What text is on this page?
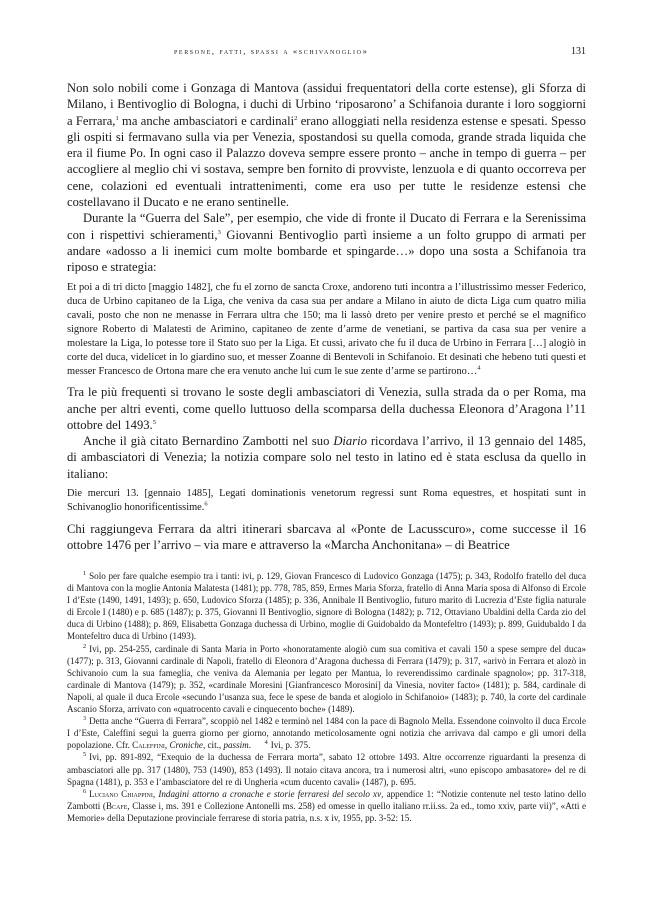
persone, fatti, spassi a «schivanoglio»	131

Non solo nobili come i Gonzaga di Mantova (assidui frequentatori della corte estense), gli Sforza di Milano, i Bentivoglio di Bologna, i duchi di Urbino ‘riposarono’ a Schifanoia durante i loro soggiorni a Ferrara,$^1$ ma anche ambasciatori e cardinali$^2$ erano alloggiati nella residenza estense e spesati. Spesso gli ospiti si fermavano sulla via per Venezia, spostandosi su quella comoda, grande strada liquida che era il fiume Po. In ogni caso il Palazzo doveva sempre essere pronto – anche in tempo di guerra – per accogliere al meglio chi vi sostava, sempre ben fornito di provviste, lenzuola e di quanto occorreva per cene, colazioni ed eventuali intrattenimenti, come era uso per tutte le residenze estensi che costellavano il Ducato e ne erano sentinelle.

Durante la “Guerra del Sale”, per esempio, che vide di fronte il Ducato di Ferrara e la Serenissima con i rispettivi schieramenti,$^3$ Giovanni Bentivoglio partì insieme a un folto gruppo di armati per andare «adosso a li inemici cum molte bombarde et spingarde…» dopo una sosta a Schifanoia tra riposo e strategia:

Et poi a dì tri dicto [maggio 1482], che fu el zorno de sancta Croxe, andoreno tuti incontra a l’illustrissimo messer Federico, duca de Urbino capitaneo de la Liga, che veniva da casa sua per andare a Milano in aiuto de dicta Liga cum quatro milia cavali, posto che non ne menasse in Ferrara ultra che 150; ma li lassò dreto per venire presto et perché se el magnifico signore Roberto di Malatesti de Arimino, capitaneo de zente d’arme de venetiani, se partiva da casa sua per venire a molestare la Liga, lo potesse tore il Stato suo per la Liga. Et cussì, arivato che fu il duca de Urbino in Ferrara […] alogiò in corte del duca, videlicet in lo giardino suo, et messer Zoanne di Bentevoli in Schifanoio. Et desinati che hebeno tuti questi et messer Francesco de Ortona mare che era venuto anche lui cum le sue zente d’arme se partirono…$^4$

Tra le più frequenti si trovano le soste degli ambasciatori di Venezia, sulla strada da o per Roma, ma anche per altri eventi, come quello luttuoso della scomparsa della duchessa Eleonora d’Aragona l’11 ottobre del 1493.$^5$

Anche il già citato Bernardino Zambotti nel suo Diario ricordava l’arrivo, il 13 gennaio del 1485, di ambasciatori di Venezia; la notizia compare solo nel testo in latino ed è stata esclusa da quello in italiano:

Die mercuri 13. [gennaio 1485], Legati dominationis venetorum regressi sunt Roma equestres, et hospitati sunt in Schivanoglio honorificentissime.$^6$

Chi raggiungeva Ferrara da altri itinerari sbarcava al «Ponte de Lacusscuro», come successe il 16 ottobre 1476 per l’arrivo – via mare e attraverso la «Marcha Anchonitana» – di Beatrice

$^1$ Solo per fare qualche esempio tra i tanti: ivi, p. 129, Giovan Francesco di Ludovico Gonzaga (1475); p. 343, Rodolfo fratello del duca di Mantova con la moglie Antonia Malatesta (1481); pp. 778, 785, 859, Ermes Maria Sforza, fratello di Anna Maria sposa di Alfonso di Ercole I d’Este (1490, 1491, 1493); p. 650, Ludovico Sforza (1485); p. 336, Annibale II Bentivoglio, futuro marito di Lucrezia d’Este figlia naturale di Ercole I (1480) e p. 685 (1487); p. 375, Giovanni II Bentivoglio, signore di Bologna (1482); p. 712, Ottaviano Ubaldini della Carda zio del duca di Urbino (1488); p. 869, Elisabetta Gonzaga duchessa di Urbino, moglie di Guidobaldo da Montefeltro (1493); p. 899, Guidubaldo I da Montefeltro duca di Urbino (1493).

$^2$ Ivi, pp. 254-255, cardinale di Santa Maria in Porto «honoratamente alogiò cum sua comitiva et cavali 150 a spese sempre del duca» (1477); p. 313, Giovanni cardinale di Napoli, fratello di Eleonora d’Aragona duchessa di Ferrara (1479); p. 317, «arivò in Ferrara et alozò in Schivanoio cum la sua fameglia, che veniva da Alemania per legato per Mantua, lo reverendissimo cardinale spagnolo»; pp. 317-318, cardinale di Mantova (1479); p. 352, «cardinale Moresini [Gianfrancesco Morosini] da Vinesia, noviter facto» (1481); p. 584, cardinale di Napoli, al quale il duca Ercole «secundo l’usanza sua, fece le spese de banda et alogiolo in Schifanoio» (1483); p. 740, la corte del cardinale Ascanio Sforza, arrivato con «quatrocento cavali e cinquecento boche» (1489).

$^3$ Detta anche “Guerra di Ferrara”, scoppiò nel 1482 e terminò nel 1484 con la pace di Bagnolo Mella. Essendone coinvolto il duca Ercole I d’Este, Caleffini seguì la guerra giorno per giorno, annotando meticolosamente ogni notizia che arrivava dal campo e gli umori della popolazione. Cfr. Caleffini, Croniche, cit., passim. $^4$ Ivi, p. 375.

$^5$ Ivi, pp. 891-892, “Exequio de la duchessa de Ferrara morta”, sabato 12 ottobre 1493. Altre occorrenze riguardanti la presenza di ambasciatori alle pp. 317 (1480), 753 (1490), 853 (1493). Il notaio citava ancora, tra i numerosi altri, «uno episcopo ambasatore» del re di Spagna (1481), p. 353 e l’ambasciatore del re di Ungheria «cum ducento cavali» (1487), p. 695.

$^6$ Luciano Chiappini, Indagini attorno a cronache e storie ferraresi del secolo xv, appendice 1: “Notizie contenute nel testo latino dello Zambotti (Bcafe, Classe i, ms. 391 e Collezione Antonelli ms. 258) ed omesse in quello italiano rr.ii.ss. 2a ed., tomo xxiv, parte vii)”, «Atti e Memorie» della Deputazione provinciale ferrarese di storia patria, n.s. x iv, 1955, pp. 3-52: 15.
